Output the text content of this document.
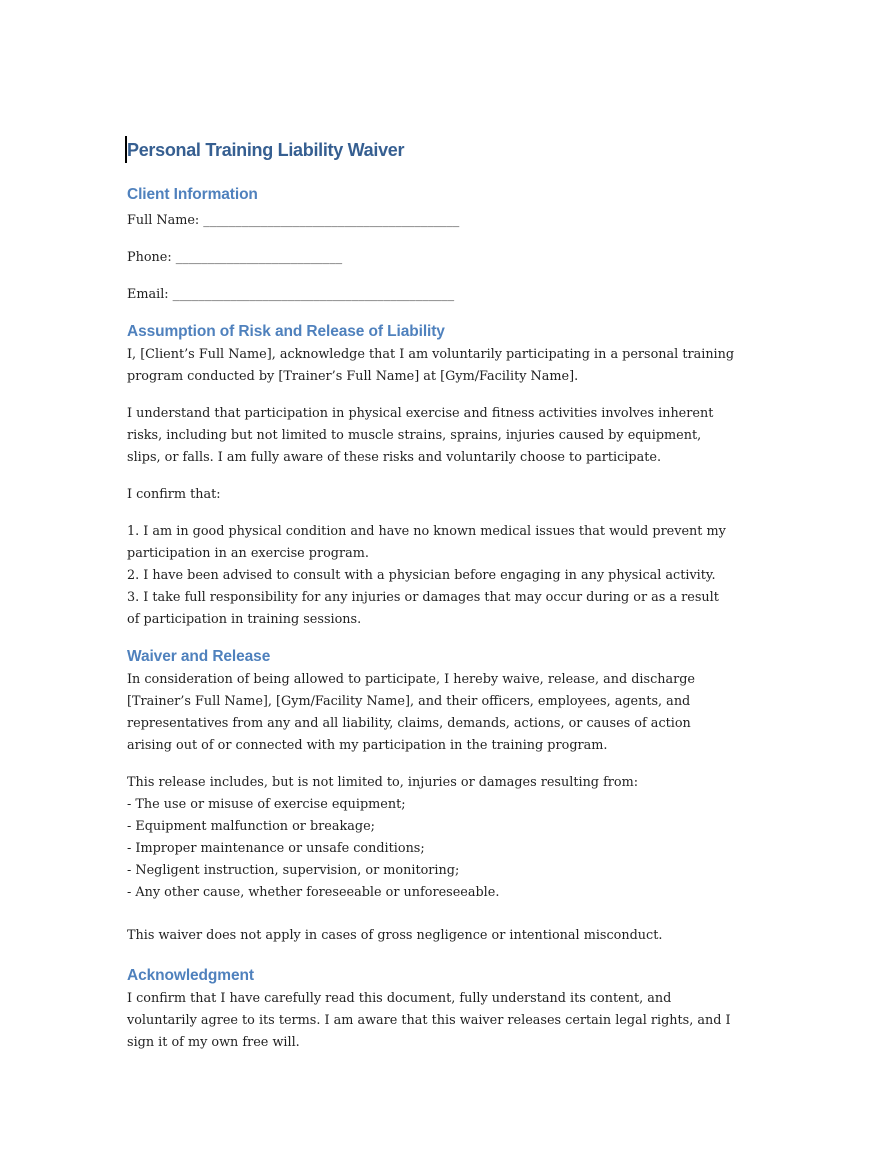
Personal Training Liability Waiver
Client Information

Full Name: ________________________________________

Phone: __________________________

Email: ____________________________________________

Assumption of Risk and Release of Liability

I, [Client’s Full Name], acknowledge that I am voluntarily participating in a personal training
program conducted by [Trainer’s Full Name] at [Gym/Facility Name].

I understand that participation in physical exercise and fitness activities involves inherent
risks, including but not limited to muscle strains, sprains, injuries caused by equipment,
slips, or falls. I am fully aware of these risks and voluntarily choose to participate.

I confirm that:

1. I am in good physical condition and have no known medical issues that would prevent my
participation in an exercise program.
2. I have been advised to consult with a physician before engaging in any physical activity.
3. I take full responsibility for any injuries or damages that may occur during or as a result
of participation in training sessions.

Waiver and Release

In consideration of being allowed to participate, I hereby waive, release, and discharge
[Trainer’s Full Name], [Gym/Facility Name], and their officers, employees, agents, and
representatives from any and all liability, claims, demands, actions, or causes of action
arising out of or connected with my participation in the training program.

This release includes, but is not limited to, injuries or damages resulting from:
- The use or misuse of exercise equipment;
- Equipment malfunction or breakage;
- Improper maintenance or unsafe conditions;
- Negligent instruction, supervision, or monitoring;
- Any other cause, whether foreseeable or unforeseeable.

This waiver does not apply in cases of gross negligence or intentional misconduct.

Acknowledgment

I confirm that I have carefully read this document, fully understand its content, and
voluntarily agree to its terms. I am aware that this waiver releases certain legal rights, and I
sign it of my own free will.
